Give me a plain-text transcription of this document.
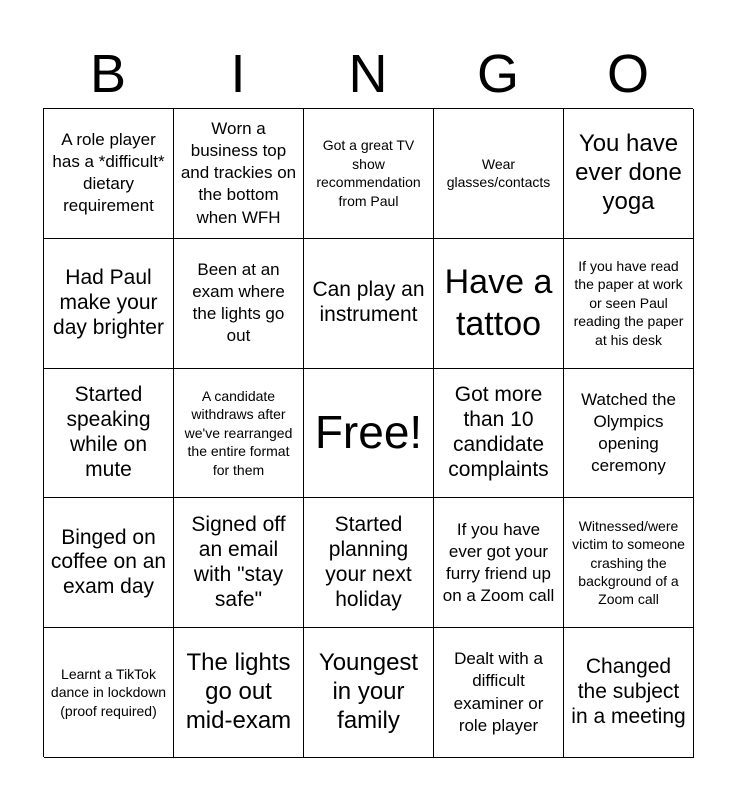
B	I	N	G	O
A role player has a *difficult* dietary requirement
Worn a business top and trackies on the bottom when WFH
Got a great TV show recommendation from Paul
Wear glasses/contacts
You have ever done yoga
Had Paul make your day brighter
Been at an exam where the lights go out
Can play an instrument
Have a tattoo
If you have read the paper at work or seen Paul reading the paper at his desk
Started speaking while on mute
A candidate withdraws after we've rearranged the entire format for them
Free!
Got more than 10 candidate complaints
Watched the Olympics opening ceremony
Binged on coffee on an exam day
Signed off an email with "stay safe"
Started planning your next holiday
If you have ever got your furry friend up on a Zoom call
Witnessed/were victim to someone crashing the background of a Zoom call
Learnt a TikTok dance in lockdown (proof required)
The lights go out mid-exam
Youngest in your family
Dealt with a difficult examiner or role player
Changed the subject in a meeting
